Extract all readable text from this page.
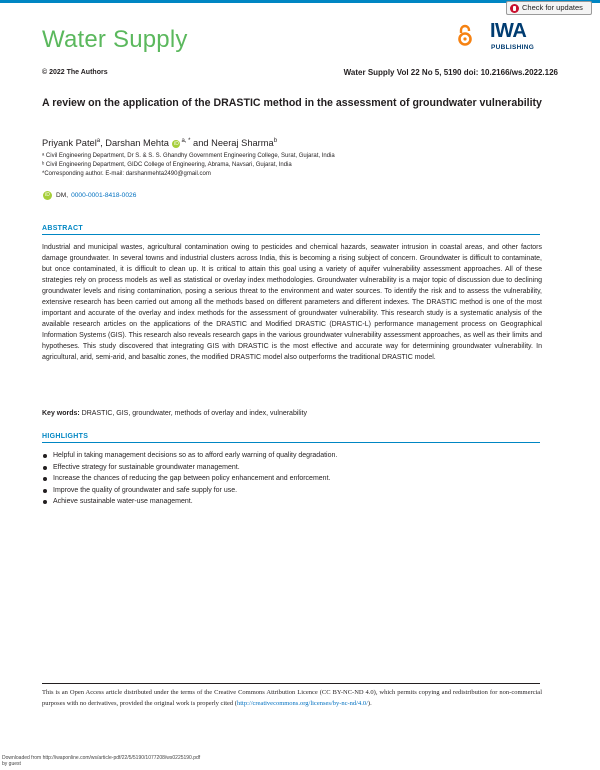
Check for updates
Water Supply	IWA
PUBLISHING
© 2022 The Authors	Water Supply Vol 22 No 5, 5190 doi: 10.2166/ws.2022.126
A review on the application of the DRASTIC method in the assessment of groundwater vulnerability
Priyank Patel$^a$, Darshan Mehta iD $^{a, *}$ and Neeraj Sharma$^b$
ᵃ Civil Engineering Department, Dr S. & S. S. Ghandhy Government Engineering College, Surat, Gujarat, India
ᵇ Civil Engineering Department, GIDC College of Engineering, Abrama, Navsari, Gujarat, India
*Corresponding author. E-mail: darshanmehta2490@gmail.com
iD DM, 0000-0001-8418-0026
ABSTRACT
Industrial and municipal wastes, agricultural contamination owing to pesticides and chemical hazards, seawater intrusion in coastal areas, and other factors damage groundwater. In several towns and industrial clusters across India, this is becoming a rising subject of concern. Groundwater is difficult to contaminate, but once contaminated, it is difficult to clean up. It is critical to attain this goal using a variety of aquifer vulnerability assessment approaches. All of these strategies rely on process models as well as statistical or overlay index methodologies. Groundwater vulnerability is a major topic of discussion due to declining groundwater levels and rising contamination, posing a serious threat to the environment and water sources. To identify the risk and to assess the vulnerability, extensive research has been carried out among all the methods based on different parameters and different indexes. The DRASTIC method is one of the most important and accurate of the overlay and index methods for the assessment of groundwater vulnerability. This research study is a systematic analysis of the available research articles on the applications of the DRASTIC and Modified DRASTIC (DRASTIC-L) performance management process on Geographical Information Systems (GIS). This research also reveals research gaps in the various groundwater vulnerability assessment approaches, as well as their limits and hypotheses. This study discovered that integrating GIS with DRASTIC is the most effective and accurate way for determining groundwater vulnerability. In agricultural, arid, semi-arid, and basaltic zones, the modified DRASTIC model also outperforms the traditional DRASTIC model.
Key words: DRASTIC, GIS, groundwater, methods of overlay and index, vulnerability
HIGHLIGHTS
Helpful in taking management decisions so as to afford early warning of quality degradation.
Effective strategy for sustainable groundwater management.
Increase the chances of reducing the gap between policy enhancement and enforcement.
Improve the quality of groundwater and safe supply for use.
Achieve sustainable water-use management.
This is an Open Access article distributed under the terms of the Creative Commons Attribution Licence (CC BY-NC-ND 4.0), which permits copying and redistribution for non-commercial purposes with no derivatives, provided the original work is properly cited (http://creativecommons.org/licenses/by-nc-nd/4.0/).
Downloaded from http://iwaponline.com/ws/article-pdf/22/5/5190/1077208/ws0225190.pdf
by guest
